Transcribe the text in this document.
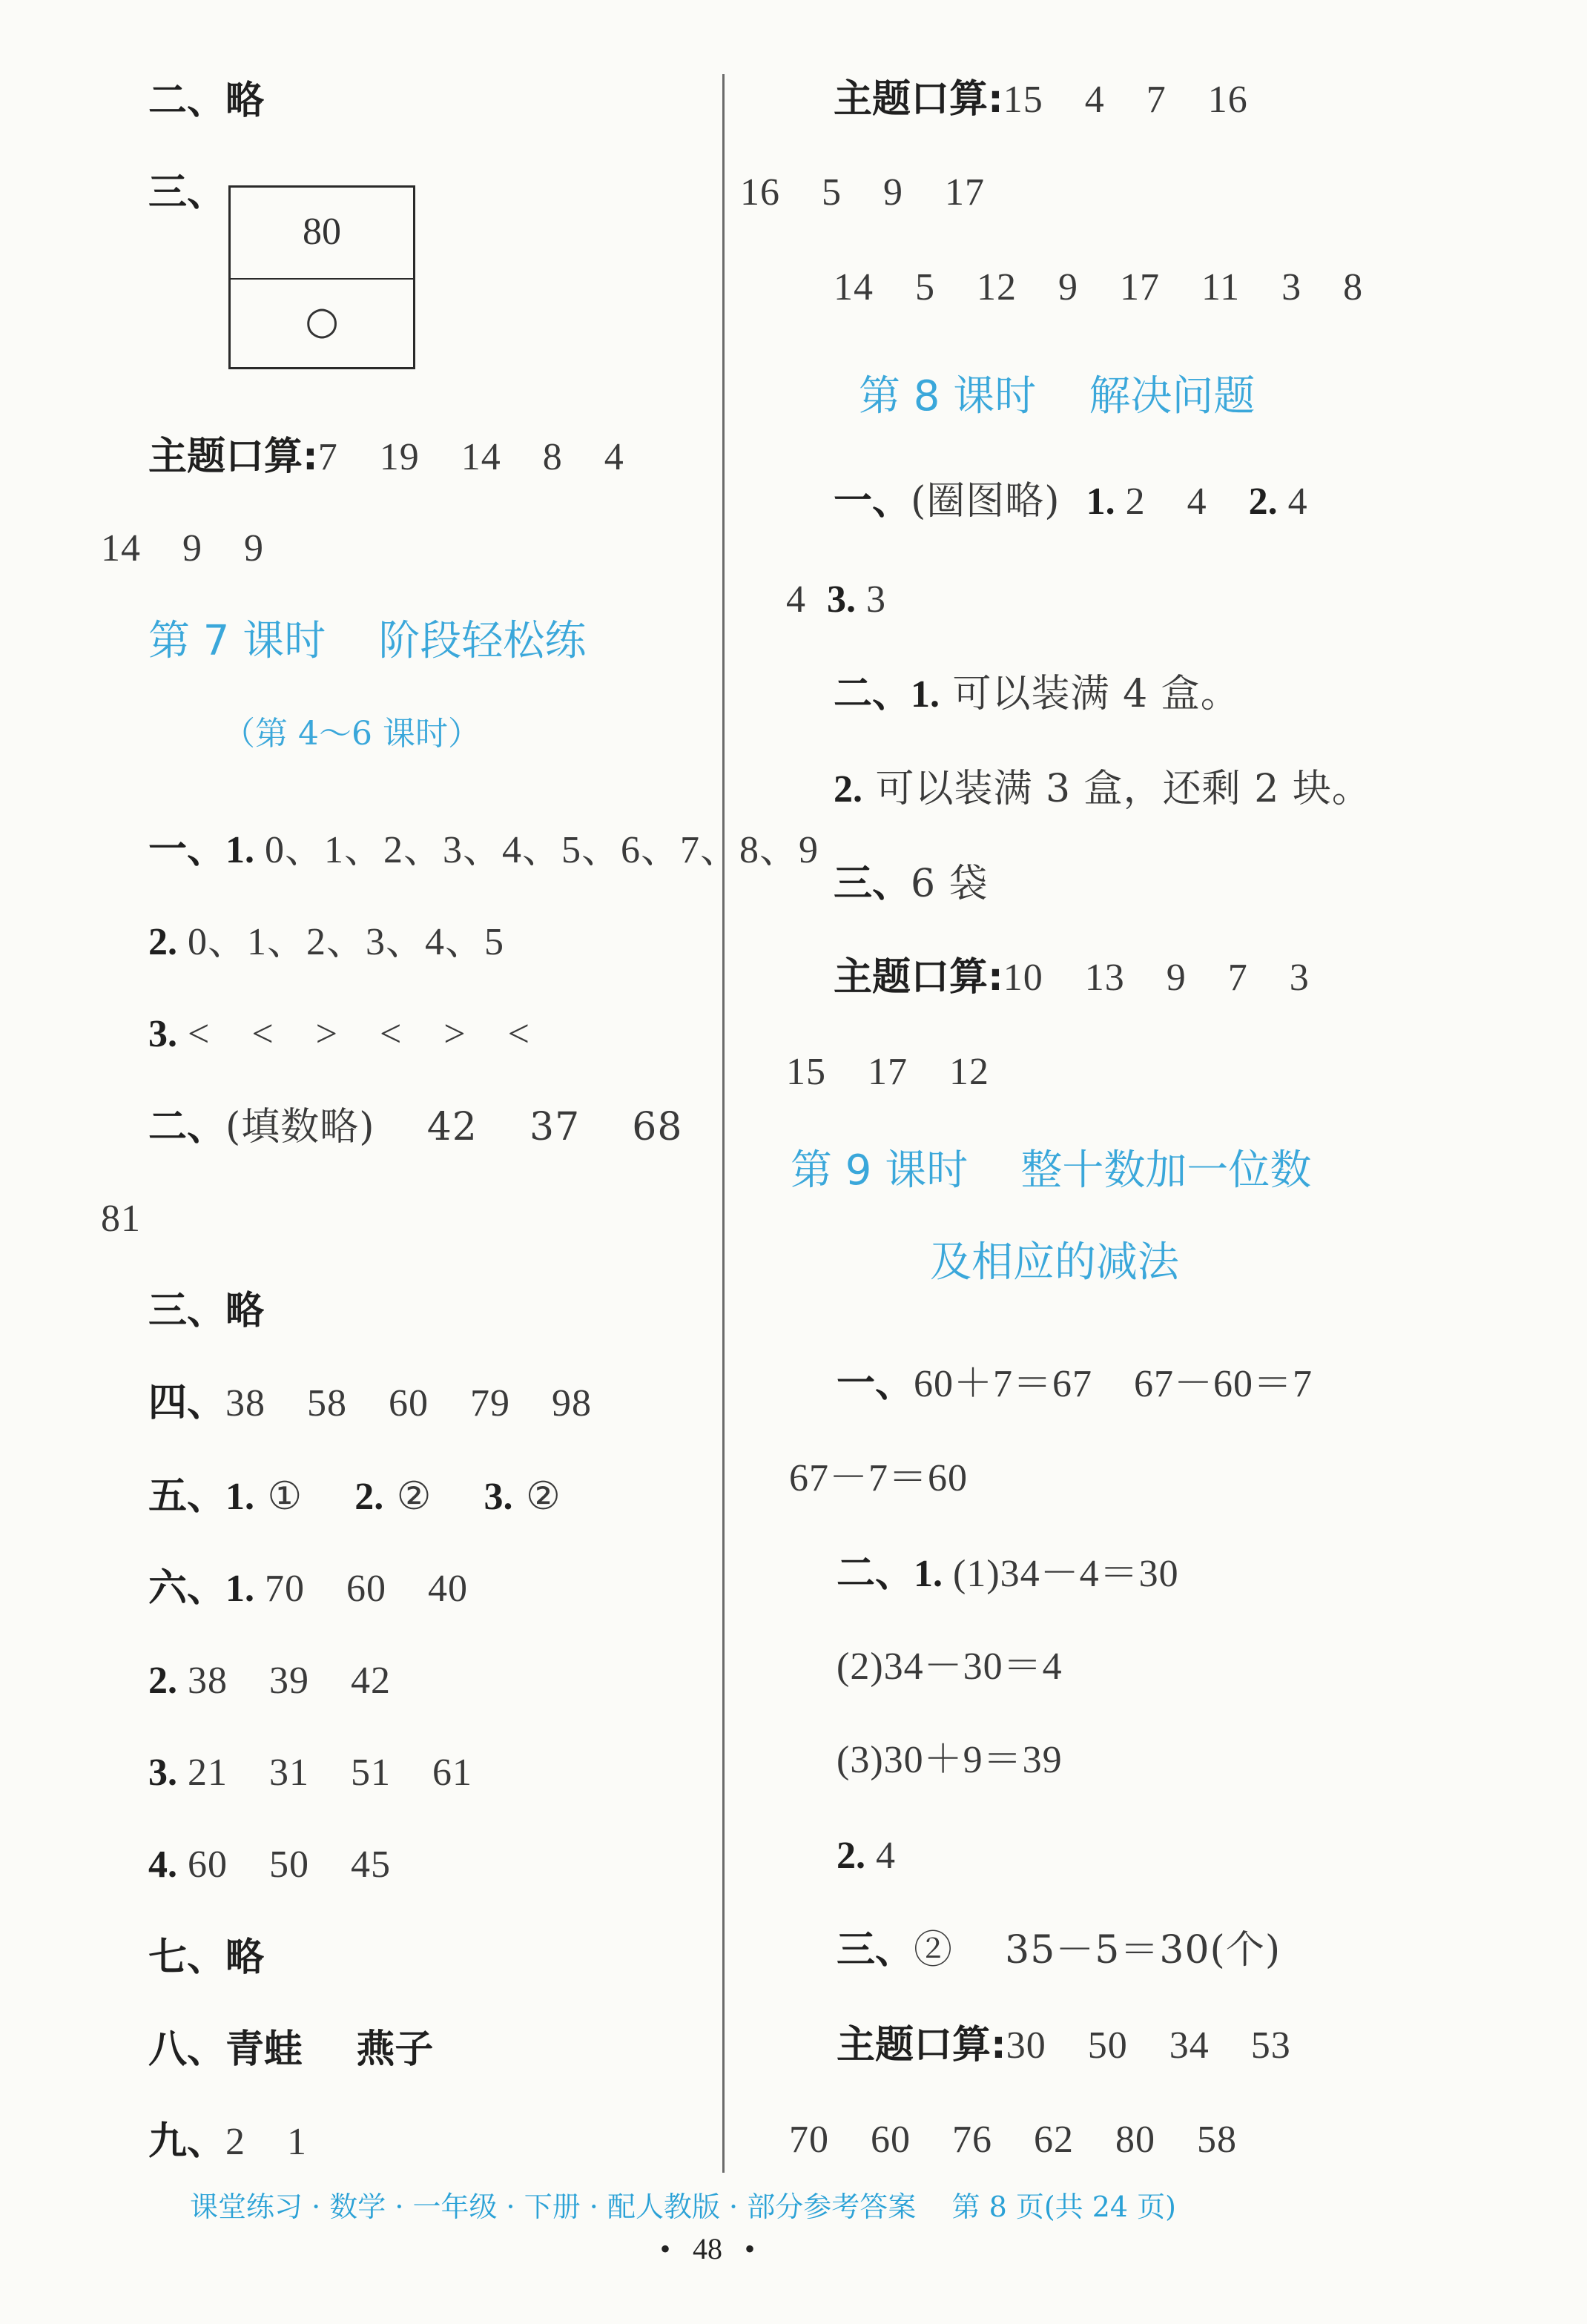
二、略
三、
80
○
主题口算:7    19    14    8    4
14    9    9
第 7 课时    阶段轻松练
（第 4～6 课时）
一、1. 0、1、2、3、4、5、6、7、8、9
2. 0、1、2、3、4、5
3. <    <    >    <    >    <
二、(填数略)    42    37    68
81
三、略
四、38    58    60    79    98
五、1. ①    2. ②    3. ②
六、1. 70    60    40
2. 38    39    42
3. 21    31    51    61
4. 60    50    45
七、略
八、青蛙    燕子
九、2    1
主题口算:15    4    7    16
16    5    9    17
14    5    12    9    17    11    3    8
第 8 课时    解决问题
一、(圈图略)  1. 2    4    2. 4
4  3. 3
二、1. 可以装满 4 盒。
2. 可以装满 3 盒，还剩 2 块。
三、6 袋
主题口算:10    13    9    7    3
15    17    12
第 9 课时    整十数加一位数
及相应的减法
一、60＋7＝67    67－60＝7
67－7＝60
二、1. (1)34－4＝30
(2)34－30＝4
(3)30＋9＝39
2. 4
三、②    35－5＝30(个)
主题口算:30    50    34    53
70    60    76    62    80    58
课堂练习 · 数学 · 一年级 · 下册 · 配人教版 · 部分参考答案    第 8 页(共 24 页)
•   48   •
